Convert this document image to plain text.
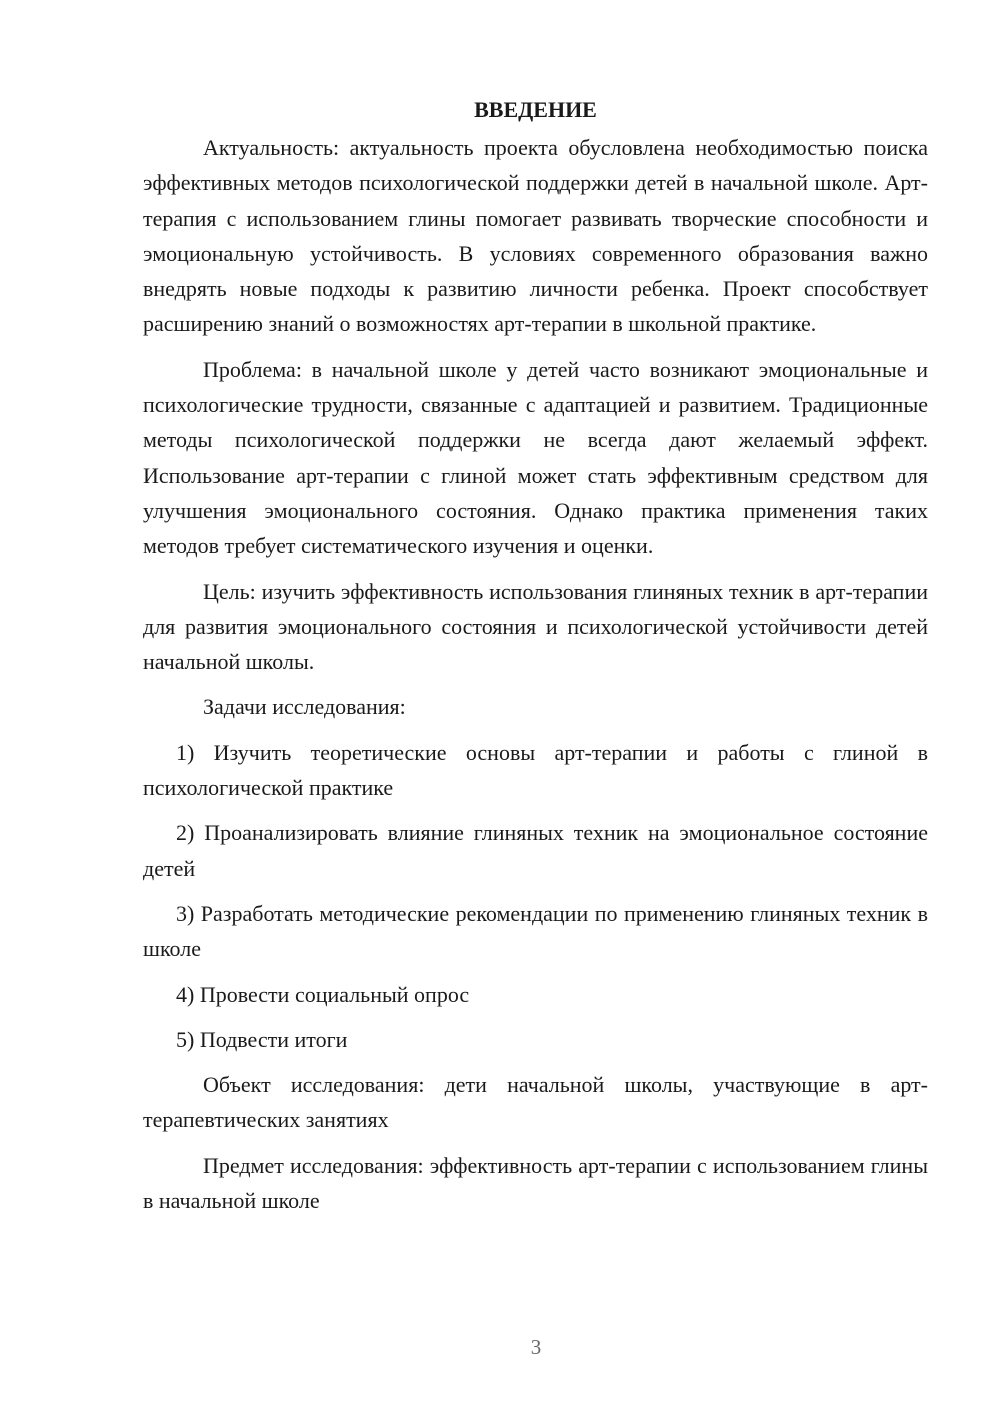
ВВЕДЕНИЕ

Актуальность: актуальность проекта обусловлена необходимостью поиска эффективных методов психологической поддержки детей в начальной школе. Арт-терапия с использованием глины помогает развивать творческие способности и эмоциональную устойчивость. В условиях современного образования важно внедрять новые подходы к развитию личности ребенка. Проект способствует расширению знаний о возможностях арт-терапии в школьной практике.

Проблема: в начальной школе у детей часто возникают эмоциональные и психологические трудности, связанные с адаптацией и развитием. Традиционные методы психологической поддержки не всегда дают желаемый эффект. Использование арт-терапии с глиной может стать эффективным средством для улучшения эмоционального состояния. Однако практика применения таких методов требует систематического изучения и оценки.

Цель: изучить эффективность использования глиняных техник в арт-терапии для развития эмоционального состояния и психологической устойчивости детей начальной школы.

Задачи исследования:

1) Изучить теоретические основы арт-терапии и работы с глиной в психологической практике
2) Проанализировать влияние глиняных техник на эмоциональное состояние детей
3) Разработать методические рекомендации по применению глиняных техник в школе
4) Провести социальный опрос
5) Подвести итоги

Объект исследования: дети начальной школы, участвующие в арт-терапевтических занятиях

Предмет исследования: эффективность арт-терапии с использованием глины в начальной школе

3
